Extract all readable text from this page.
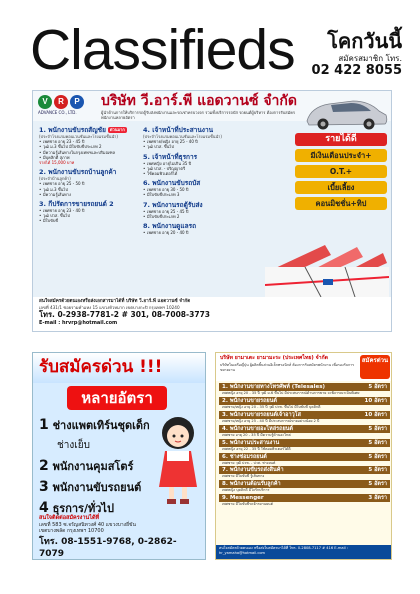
Classifieds	โคกวันนี้
สมัครสมาชิก โทร.
02 422 8055
V	R	P
ADVANCE CO., LTD.
บริษัท วี.อาร์.พี แอดวานซ์ จำกัด
ผู้นำด้านการให้บริการรถตู้รับส่งพนักงานและรถเช่าครบวงจร รวมทั้งบริการรถบัส รถยนต์ผู้บริหาร ต้องการรับสมัครพนักงานหลายอัตรา
1. พนักงานขับรถสัญชัย ด่วนมาก
(ประจำโรงแรมคอนเวนชั่นและโรงแรมชั้นนำ)
• เพศชาย อายุ 23 - 45 ปี
• วุฒิ ม.3 ขึ้นไป มีใบขับขี่ประเภท 2
• มีความรู้เส้นทางในกรุงเทพฯและปริมณฑล
• มีบุคลิกดี สุภาพ
รายได้ 15,000 บาท
2. พนักงานขับรถบ้านลูกค้า
(ประจำบ้านลูกค้า)
• เพศชาย อายุ 25 - 50 ปี
• วุฒิ ม.3 ขึ้นไป
• มีความรู้เส้นทาง
3. กีปรัตการขายรถยนต์ 2
• เพศชาย อายุ 23 - 40 ปี
• วุฒิ ปวส. ขึ้นไป
• มีใบขับขี่
4. เจ้าหน้าที่ประสานงาน
(ประจำโรงแรมคอนเวนชั่นและโรงแรมชั้นนำ)
• เพศชาย/หญิง อายุ 25 - 40 ปี
• วุฒิ ปวส. ขึ้นไป
5. เจ้าหน้าที่ธุรการ
• เพศหญิง อายุไม่เกิน 35 ปี
• วุฒิ ปวส. - ปริญญาตรี
• ใช้คอมพิวเตอร์ได้
6. พนักงานขับรถบัส
• เพศชาย อายุ 30 - 50 ปี
• มีใบขับขี่ประเภท 3
7. พนักงานรถตู้รับส่ง
• เพศชาย อายุ 25 - 45 ปี
• มีใบขับขี่ประเภท 2
8. พนักงานดูแลรถ
• เพศชาย อายุ 20 - 40 ปี
รายได้ดี
มีเงินเดือนประจำ+
O.T.+
เบี้ยเลี้ยง
คอนมิชชั่น+ทิป
สนใจสมัครด้วยตนเองหรือส่งเอกสารมาได้ที่ บริษัท วี.อาร์.พี แอดวานซ์ จำกัด
เลขที่ 431/1 ซอยรามคำแหง 15 แขวงหัวหมาก เขตบางกะปิ กรุงเทพฯ 10240
โทร. 0-2938-7781-2 # 301, 08-7008-3773
E-mail : hrvrp@hotmail.com
รับสมัครด่วน !!!
หลายอัตรา
1 ช่างแพตเทิร์นชุดเด็ก
ช่างเย็บ
2 พนักงานคุมสโตร์
3 พนักงานขับรถยนต์
4 ธุรการ/ทั่วไป
สนใจติดต่อสมัครงานได้ที่
เลขที่ 583 ซ.จรัญสนิทวงศ์ 40 แขวงบางยี่ขัน
เขตบางพลัด กรุงเทพฯ 10700
โทร. 08-1551-9768, 0-2862-7079
บริษัท ยามาเตะ ยามามะระ (ประเทศไทย) จำกัด
บริษัทในเครือญี่ปุ่น ผู้ผลิตชิ้นส่วนอิเล็กทรอนิกส์ ต้องการรับสมัครพนักงาน เพื่อรองรับการขยายงาน
สมัครด่วน
1. พนักงานขายทางโทรศัพท์ (Telesales)	5 อัตรา
เพศหญิง อายุ 20 - 35 ปี วุฒิ ม.6 ขึ้นไป มีประสบการณ์ด้านการขาย จะพิจารณาเป็นพิเศษ
2. พนักงานขายรถยนต์	10 อัตรา
เพศชาย/หญิง อายุ 20 - 35 ปี วุฒิ ปวช. ขึ้นไป มีใบขับขี่ บุคลิกดี
3. พนักงานขายรถยนต์เจ้าอาวุโส	10 อัตรา
เพศชาย/หญิง อายุ 25 - 40 ปี มีประสบการณ์ขายอย่างน้อย 2 ปี
4. พนักงานขายอะไหล่รถยนต์	5 อัตรา
เพศชาย อายุ 20 - 35 ปี มีความรู้ด้านอะไหล่
5. พนักงานประสานงาน	5 อัตรา
เพศหญิง อายุ 22 - 35 ปี ใช้คอมพิวเตอร์ได้ดี
6. ช่างซ่อมรถยนต์	5 อัตรา
เพศชาย วุฒิ ปวช. - ปวส. ช่างยนต์
7. พนักงานขับรถส่งสินค้า	5 อัตรา
เพศชาย มีใบขับขี่ รู้เส้นทาง
8. พนักงานต้อนรับลูกค้า	5 อัตรา
เพศหญิง บุคลิกดี มีใจรักบริการ
9. Messenger	3 อัตรา
เพศชาย มีใบขับขี่รถจักรยานยนต์
สนใจสมัครด้วยตนเอง หรือส่งใบสมัครมาได้ที่ โทร. 0-2808-7117 # 416 E-mail : hr_yamaha@hotmail.com
